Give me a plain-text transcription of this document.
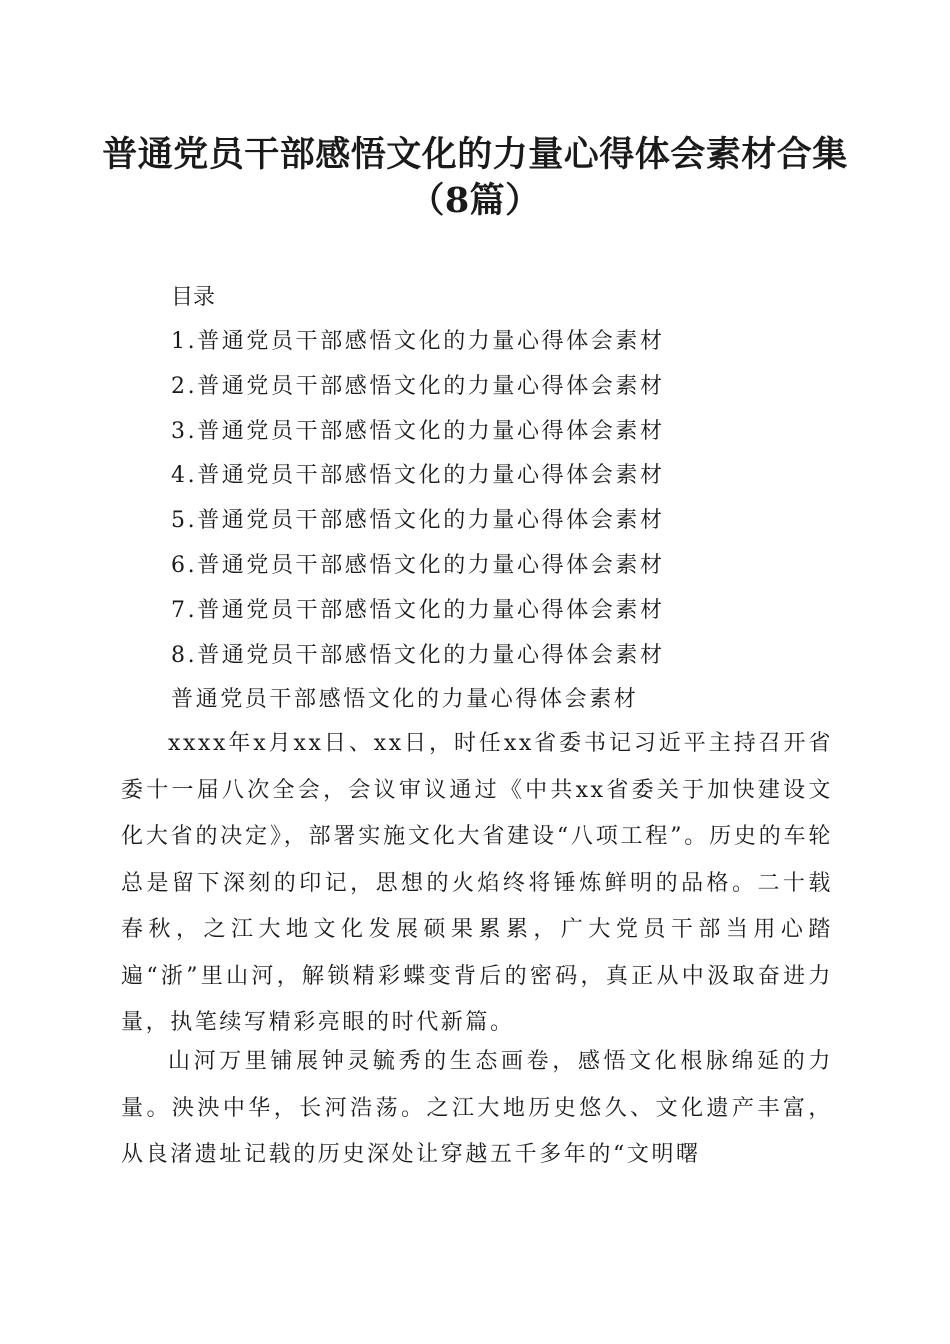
普通党员干部感悟文化的力量心得体会素材合集（8篇）

目录

1.普通党员干部感悟文化的力量心得体会素材
2.普通党员干部感悟文化的力量心得体会素材
3.普通党员干部感悟文化的力量心得体会素材
4.普通党员干部感悟文化的力量心得体会素材
5.普通党员干部感悟文化的力量心得体会素材
6.普通党员干部感悟文化的力量心得体会素材
7.普通党员干部感悟文化的力量心得体会素材
8.普通党员干部感悟文化的力量心得体会素材

普通党员干部感悟文化的力量心得体会素材

xxxx年x月xx日、xx日，时任xx省委书记习近平主持召开省委十一届八次全会，会议审议通过《中共xx省委关于加快建设文化大省的决定》，部署实施文化大省建设“八项工程”。历史的车轮总是留下深刻的印记，思想的火焰终将锤炼鲜明的品格。二十载春秋，之江大地文化发展硕果累累，广大党员干部当用心踏遍“浙”里山河，解锁精彩蝶变背后的密码，真正从中汲取奋进力量，执笔续写精彩亮眼的时代新篇。

山河万里铺展钟灵毓秀的生态画卷，感悟文化根脉绵延的力量。泱泱中华，长河浩荡。之江大地历史悠久、文化遗产丰富，从良渚遗址记载的历史深处让穿越五千多年的“文明曙
